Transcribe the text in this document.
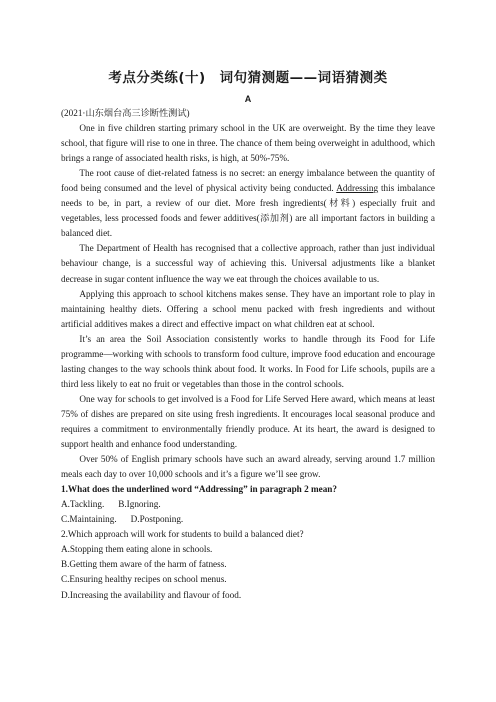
考点分类练(十)　词句猜测题——词语猜测类
A

(2021·山东烟台高三诊断性测试)

One in five children starting primary school in the UK are overweight. By the time they leave school, that figure will rise to one in three. The chance of them being overweight in adulthood, which brings a range of associated health risks, is high, at 50%-75%.

The root cause of diet-related fatness is no secret: an energy imbalance between the quantity of food being consumed and the level of physical activity being conducted. Addressing this imbalance needs to be, in part, a review of our diet. More fresh ingredients(材料) especially fruit and vegetables, less processed foods and fewer additives(添加剂) are all important factors in building a balanced diet.

The Department of Health has recognised that a collective approach, rather than just individual behaviour change, is a successful way of achieving this. Universal adjustments like a blanket decrease in sugar content influence the way we eat through the choices available to us.

Applying this approach to school kitchens makes sense. They have an important role to play in maintaining healthy diets. Offering a school menu packed with fresh ingredients and without artificial additives makes a direct and effective impact on what children eat at school.

It’s an area the Soil Association consistently works to handle through its Food for Life programme—working with schools to transform food culture, improve food education and encourage lasting changes to the way schools think about food. It works. In Food for Life schools, pupils are a third less likely to eat no fruit or vegetables than those in the control schools.

One way for schools to get involved is a Food for Life Served Here award, which means at least 75% of dishes are prepared on site using fresh ingredients. It encourages local seasonal produce and requires a commitment to environmentally friendly produce. At its heart, the award is designed to support health and enhance food understanding.

Over 50% of English primary schools have such an award already, serving around 1.7 million meals each day to over 10,000 schools and it’s a figure we’ll see grow.

1.What does the underlined word “Addressing” in paragraph 2 mean?

A.Tackling. B.Ignoring.

C.Maintaining. D.Postponing.

2.Which approach will work for students to build a balanced diet?

A.Stopping them eating alone in schools.

B.Getting them aware of the harm of fatness.

C.Ensuring healthy recipes on school menus.

D.Increasing the availability and flavour of food.
